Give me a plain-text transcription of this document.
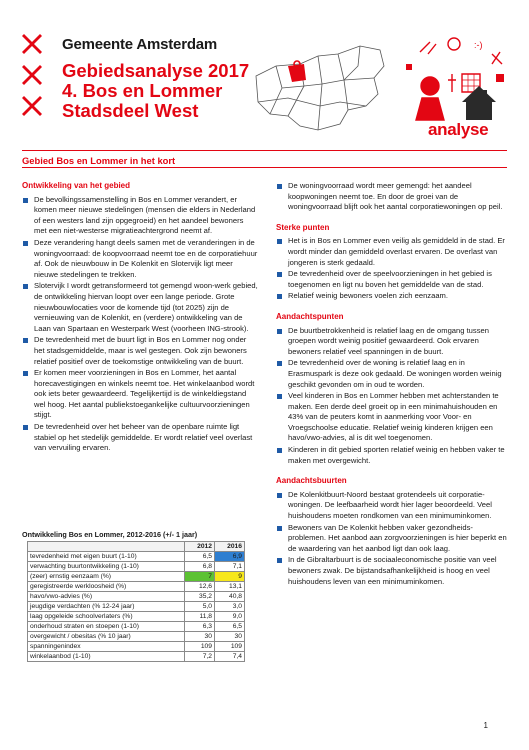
Gemeente Amsterdam
Gebiedsanalyse 2017
4. Bos en Lommer
Stadsdeel West
:-)
analyse
Gebied Bos en Lommer in het kort
Ontwikkeling van het gebied
De bevolkingssamenstelling in Bos en Lommer verandert, er komen meer nieuwe stedelingen (mensen die elders in Nederland of een westers land zijn opgegroeid) en het aandeel bewoners met een niet-westerse migratieachtergrond neemt af.
Deze verandering hangt deels samen met de veranderingen in de woningvoorraad: de koopvoorraad neemt toe en de corporatiehuur af. Ook de nieuwbouw in De Kolenkit en Slotervijk ligt meer nieuwe stedelingen te trekken.
Slotervijk I wordt getransformeerd tot gemengd woon-werk gebied, de ontwikkeling hiervan loopt over een lange periode. Grote nieuwbouwlocaties voor de komende tijd (tot 2025) zijn de vernieuwing van de Kolenkit, en (verdere) ontwikkeling van de Laan van Spartaan en Westerpark West (voorheen ING-strook).
De tevredenheid met de buurt ligt in Bos en Lommer nog onder het stadsgemiddelde, maar is wel gestegen. Ook zijn bewoners relatief positief over de toekomstige ontwikkeling van de buurt.
Er komen meer voorzieningen in Bos en Lommer, het aantal horecavestigingen en winkels neemt toe. Het winkelaanbod wordt ook iets beter gewaardeerd. Tegelijkertijd is de winkeldiegstand wel hoog. Het aantal publiekstoegankelijke cultuurvoorzieningen stijgt.
De tevredenheid over het beheer van de openbare ruimte ligt stabiel op het stedelijk gemiddelde. Er wordt relatief veel overlast van vervuiling ervaren.
Ontwikkeling Bos en Lommer, 2012-2016 (+/- 1 jaar)
	2012	2016
tevredenheid met eigen buurt (1-10)	6,5	6,9
verwachting buurtontwikkeling (1-10)	6,8	7,1
(zeer) ernstig eenzaam (%)	7	9
geregistreerde werkloosheid (%)	12,6	13,1
havo/vwo-advies (%)	35,2	40,8
jeugdige verdachten (% 12-24 jaar)	5,0	3,0
laag opgeleide schoolverlaters (%)	11,8	9,0
onderhoud straten en stoepen (1-10)	6,3	6,5
overgewicht / obesitas (% 10 jaar)	30	30
spanningenindex	109	109
winkelaanbod (1-10)	7,2	7,4
De woningvoorraad wordt meer gemengd: het aandeel koopwoningen neemt toe. En door de groei van de woningvoorraad blijft ook het aantal corporatiewoningen op peil.
Sterke punten
Het is in Bos en Lommer even veilig als gemiddeld in de stad. Er wordt minder dan gemiddeld overlast ervaren. De overlast van jongeren is sterk gedaald.
De tevredenheid over de speelvoorzieningen in het gebied is toegenomen en ligt nu boven het gemiddelde van de stad.
Relatief weinig bewoners voelen zich eenzaam.
Aandachtspunten
De buurtbetrokkenheid is relatief laag en de omgang tussen groepen wordt weinig positief gewaardeerd. Ook ervaren bewoners relatief veel spanningen in de buurt.
De tevredenheid over de woning is relatief laag en in Erasmuspark is deze ook gedaald. De woningen worden weinig geschikt gevonden om in oud te worden.
Veel kinderen in Bos en Lommer hebben met achterstanden te maken. Een derde deel groeit op in een minimahuishouden en 43% van de peuters komt in aanmerking voor Voor- en Vroegschoolse educatie. Relatief weinig kinderen krijgen een havo/vwo-advies, al is dit wel toegenomen.
Kinderen in dit gebied sporten relatief weinig en hebben vaker te maken met overgewicht.
Aandachtsbuurten
De Kolenkitbuurt-Noord bestaat grotendeels uit corporatie-woningen. De leefbaarheid wordt hier lager beoordeeld. Veel huishoudens moeten rondkomen van een minimuminkomen.
Bewoners van De Kolenkit hebben vaker gezondheids-problemen. Het aanbod aan zorgvoorzieningen is hier beperkt en de waardering van het aanbod ligt dan ook laag.
In de Gibraltarbuurt is de sociaaleconomische positie van veel bewoners zwak. De bijstandsafhankelijkheid is hoog en veel huishoudens leven van een minimuminkomen.
1
